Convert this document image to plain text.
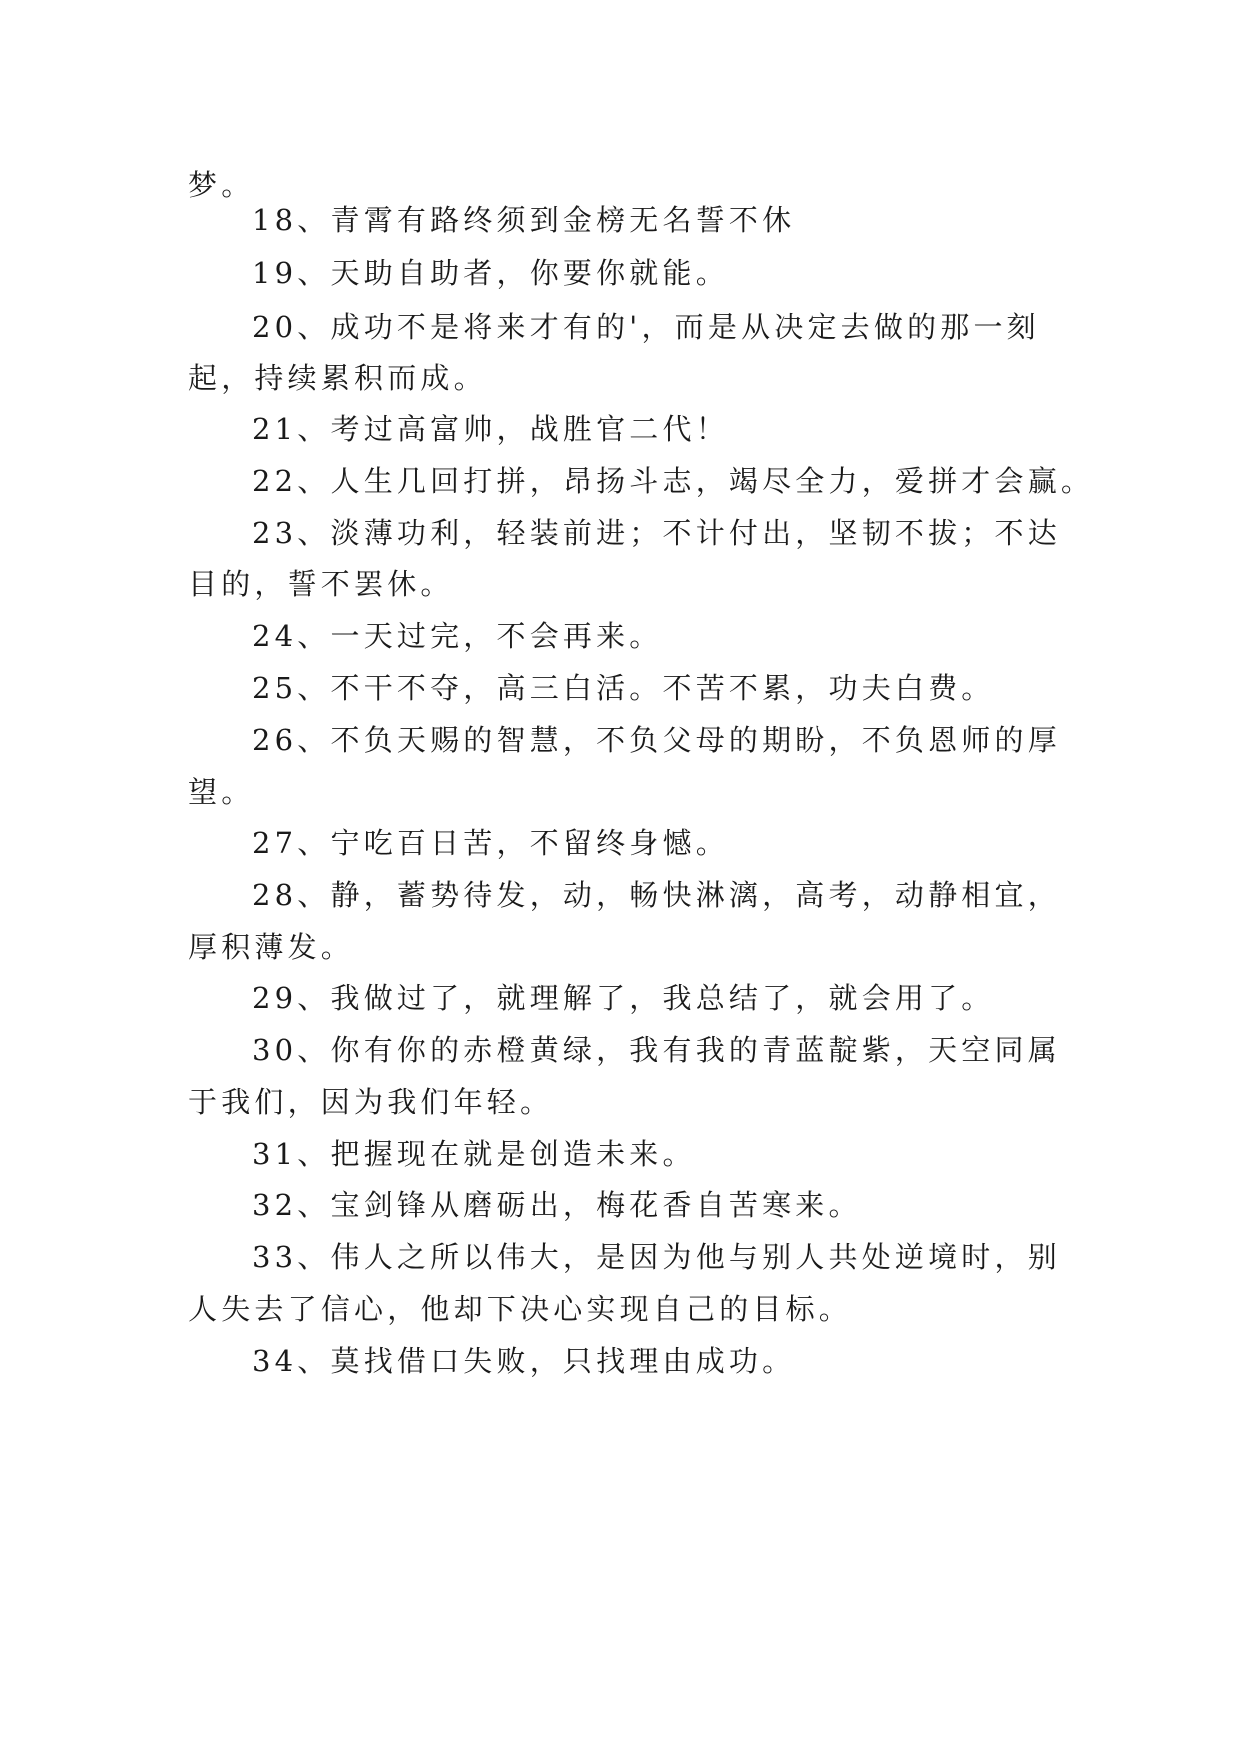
梦。
18、青霄有路终须到金榜无名誓不休
19、天助自助者，你要你就能。
20、成功不是将来才有的'，而是从决定去做的那一刻
起，持续累积而成。
21、考过高富帅，战胜官二代！
22、人生几回打拼，昂扬斗志，竭尽全力，爱拼才会赢。
23、淡薄功利，轻装前进；不计付出，坚韧不拔；不达
目的，誓不罢休。
24、一天过完，不会再来。
25、不干不夺，高三白活。不苦不累，功夫白费。
26、不负天赐的智慧，不负父母的期盼，不负恩师的厚
望。
27、宁吃百日苦，不留终身憾。
28、静，蓄势待发，动，畅快淋漓，高考，动静相宜，
厚积薄发。
29、我做过了，就理解了，我总结了，就会用了。
30、你有你的赤橙黄绿，我有我的青蓝靛紫，天空同属
于我们，因为我们年轻。
31、把握现在就是创造未来。
32、宝剑锋从磨砺出，梅花香自苦寒来。
33、伟人之所以伟大，是因为他与别人共处逆境时，别
人失去了信心，他却下决心实现自己的目标。
34、莫找借口失败，只找理由成功。
